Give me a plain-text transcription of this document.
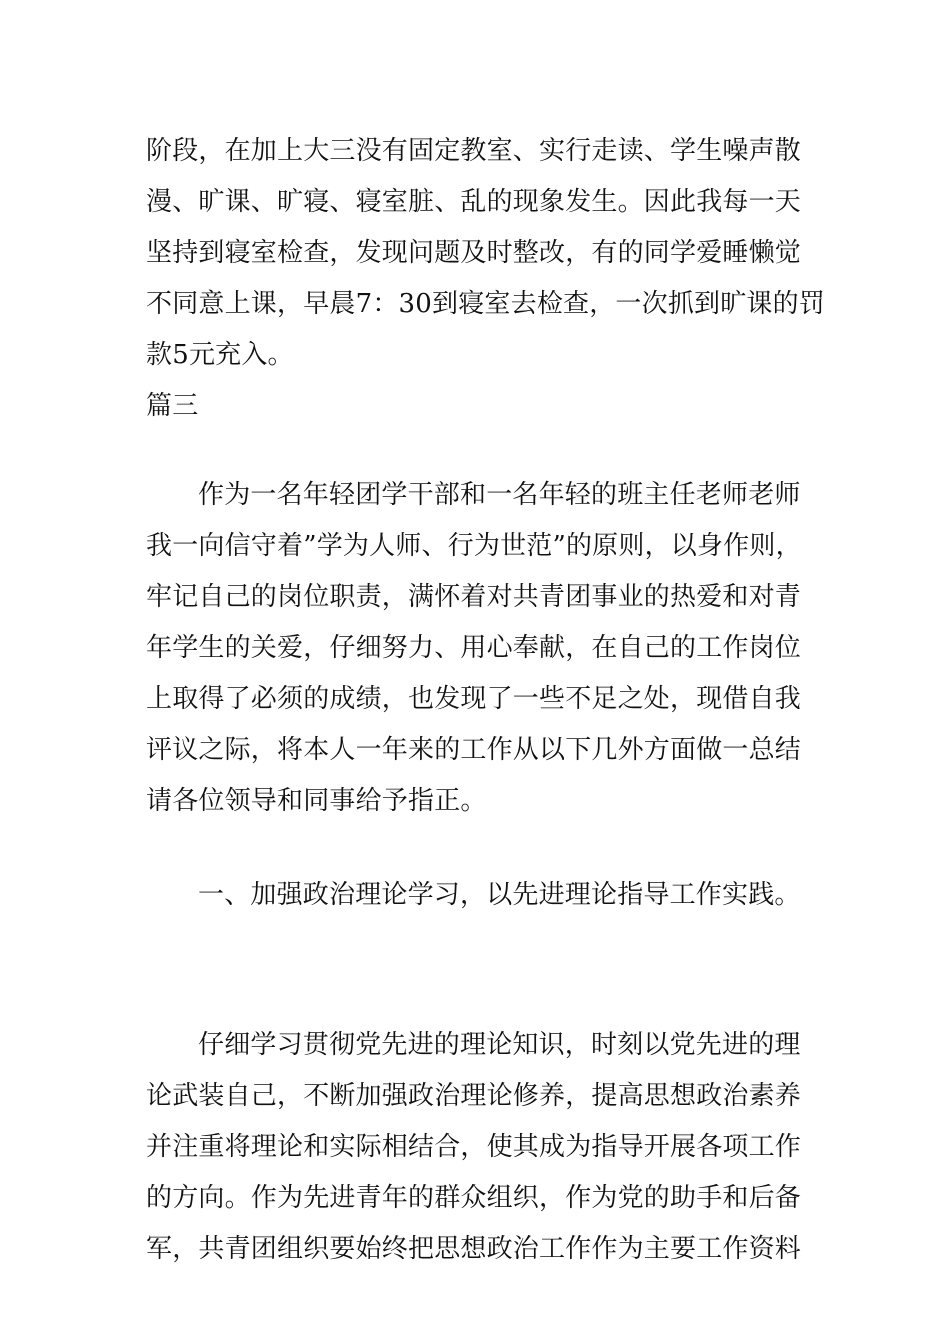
阶段，在加上大三没有固定教室、实行走读、学生噪声散
漫、旷课、旷寝、寝室脏、乱的现象发生。因此我每一天
坚持到寝室检查，发现问题及时整改，有的同学爱睡懒觉
不同意上课，早晨7：30到寝室去检查，一次抓到旷课的罚
款5元充入。
篇三
作为一名年轻团学干部和一名年轻的班主任老师老师
我一向信守着”学为人师、行为世范”的原则，以身作则，
牢记自己的岗位职责，满怀着对共青团事业的热爱和对青
年学生的关爱，仔细努力、用心奉献，在自己的工作岗位
上取得了必须的成绩，也发现了一些不足之处，现借自我
评议之际，将本人一年来的工作从以下几外方面做一总结
请各位领导和同事给予指正。
一、加强政治理论学习，以先进理论指导工作实践。
仔细学习贯彻党先进的理论知识，时刻以党先进的理
论武装自己，不断加强政治理论修养，提高思想政治素养
并注重将理论和实际相结合，使其成为指导开展各项工作
的方向。作为先进青年的群众组织，作为党的助手和后备
军，共青团组织要始终把思想政治工作作为主要工作资料
